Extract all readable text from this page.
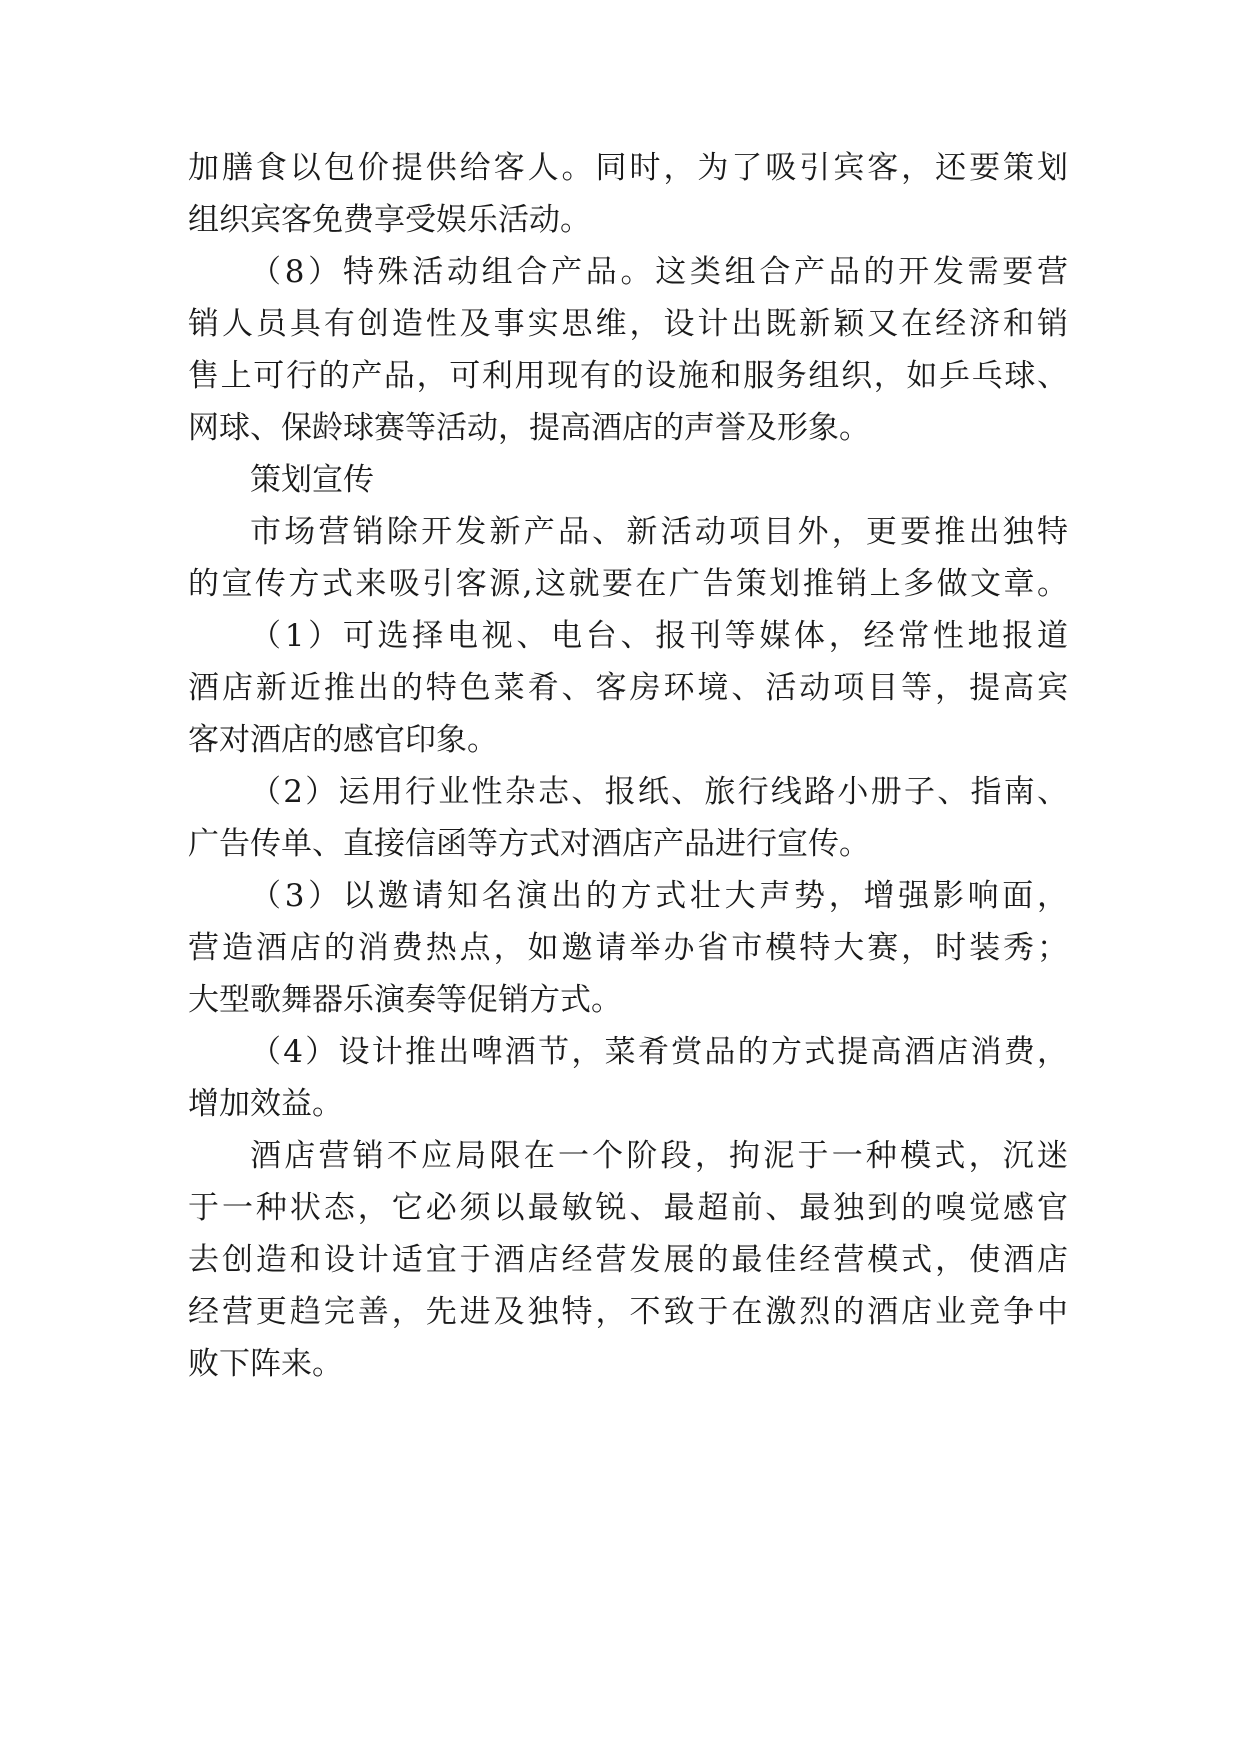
加膳食以包价提供给客人。同时，为了吸引宾客，还要策划
组织宾客免费享受娱乐活动。
（8）特殊活动组合产品。这类组合产品的开发需要营
销人员具有创造性及事实思维，设计出既新颖又在经济和销
售上可行的产品，可利用现有的设施和服务组织，如乒乓球、
网球、保龄球赛等活动，提高酒店的声誉及形象。
策划宣传
市场营销除开发新产品、新活动项目外，更要推出独特
的宣传方式来吸引客源,这就要在广告策划推销上多做文章。
（1）可选择电视、电台、报刊等媒体，经常性地报道
酒店新近推出的特色菜肴、客房环境、活动项目等，提高宾
客对酒店的感官印象。
（2）运用行业性杂志、报纸、旅行线路小册子、指南、
广告传单、直接信函等方式对酒店产品进行宣传。
（3）以邀请知名演出的方式壮大声势，增强影响面，
营造酒店的消费热点，如邀请举办省市模特大赛，时装秀；
大型歌舞器乐演奏等促销方式。
（4）设计推出啤酒节，菜肴赏品的方式提高酒店消费，
增加效益。
酒店营销不应局限在一个阶段，拘泥于一种模式，沉迷
于一种状态，它必须以最敏锐、最超前、最独到的嗅觉感官
去创造和设计适宜于酒店经营发展的最佳经营模式，使酒店
经营更趋完善，先进及独特，不致于在激烈的酒店业竞争中
败下阵来。
